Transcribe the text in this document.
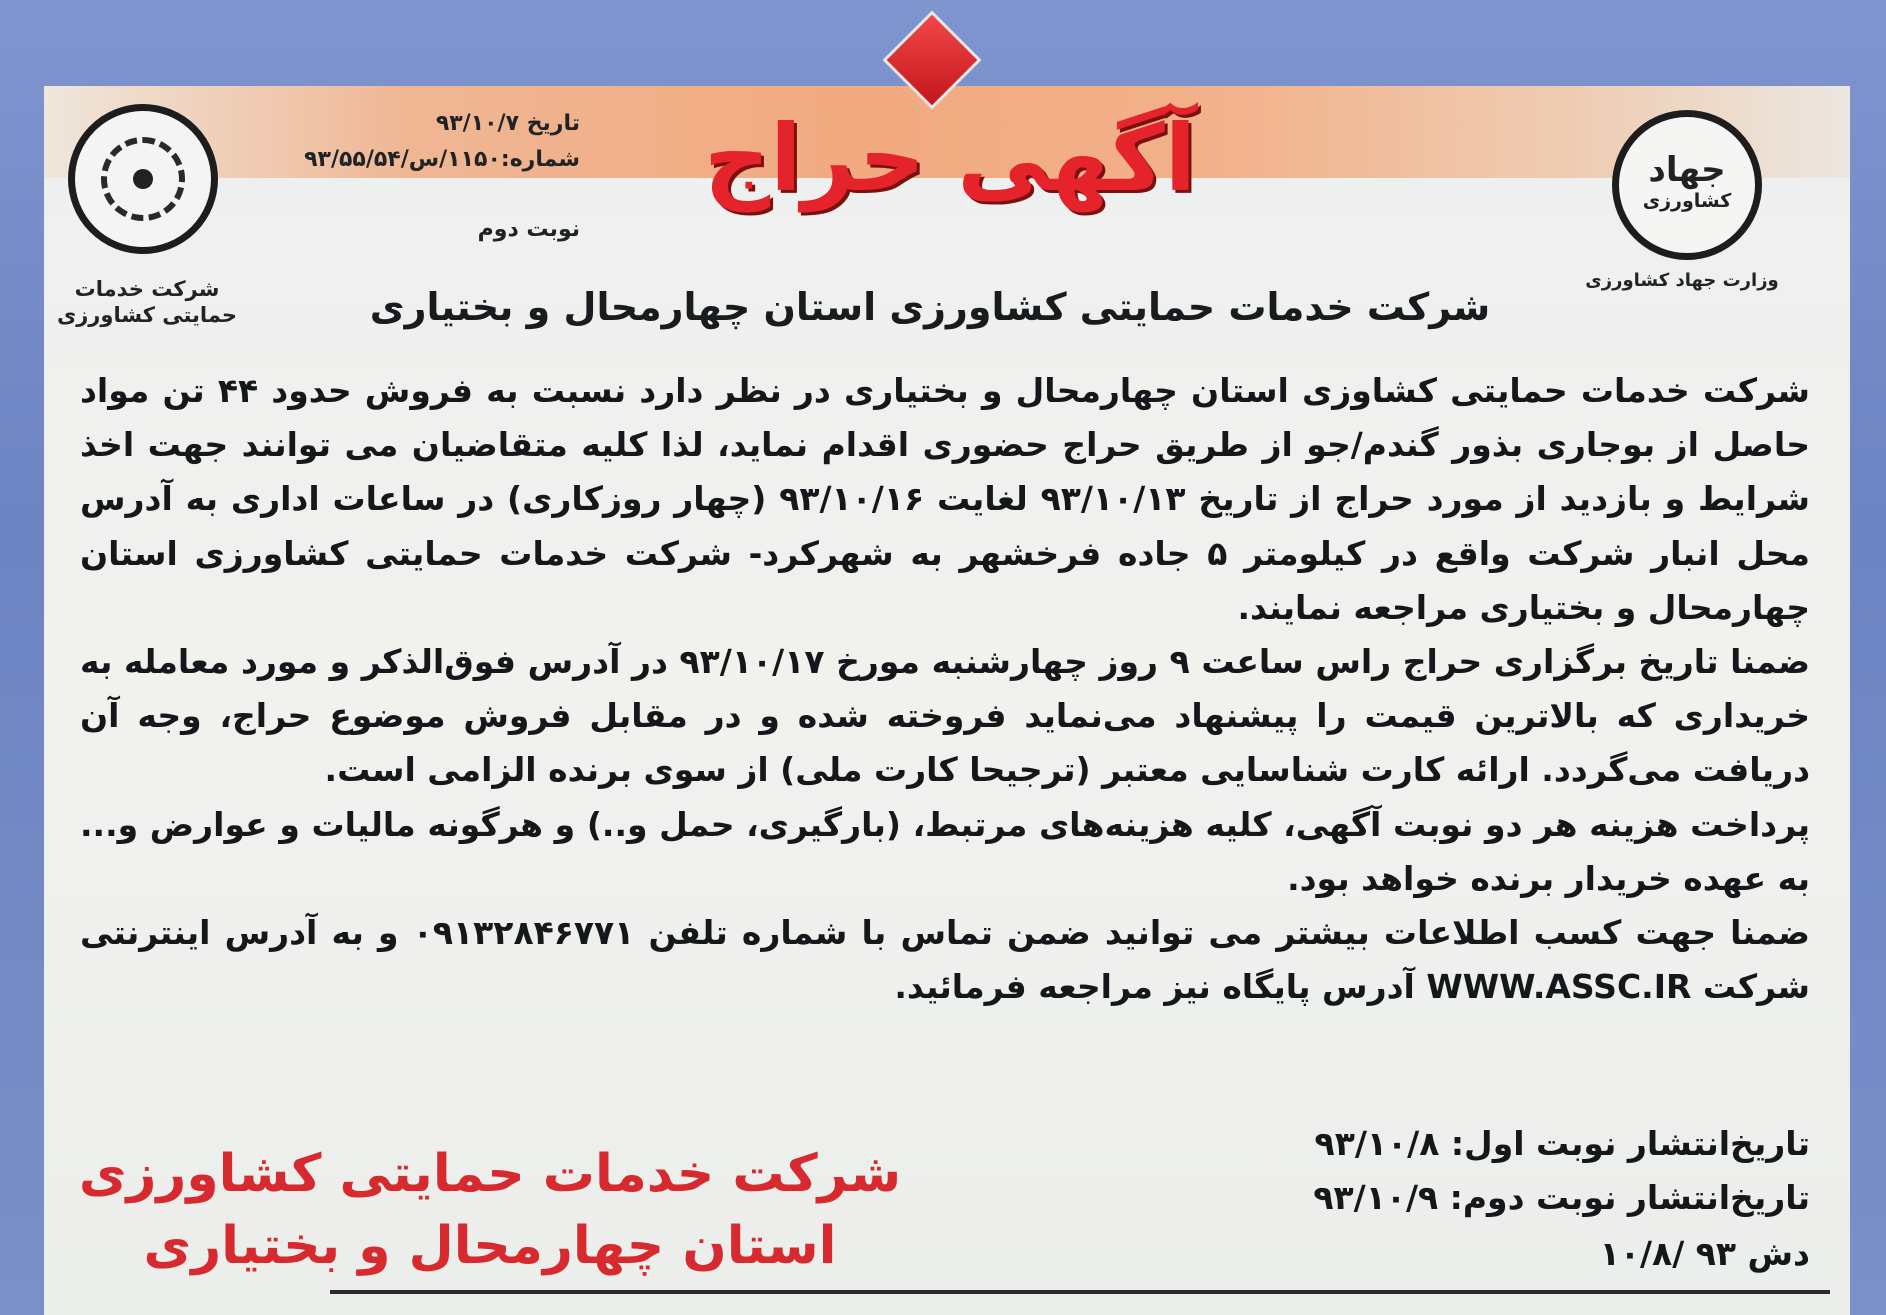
شرکت خدمات
حمایتی کشاورزی
جهاد
کشاورزی
وزارت جهاد کشاورزی
آگهی حراج
تاریخ ۹۳/۱۰/۷
شماره:۱۱۵۰/س/۹۳/۵۵/۵۴
نوبت دوم
شرکت خدمات حمایتی کشاورزی استان چهارمحال و بختیاری

شرکت خدمات حمایتی کشاوزی استان چهارمحال و بختیاری در نظر دارد نسبت به فروش حدود ۴۴ تن مواد حاصل از بوجاری بذور گندم/جو از طریق حراج حضوری اقدام نماید، لذا کلیه متقاضیان می توانند جهت اخذ شرایط و بازدید از مورد حراج از تاریخ ۹۳/۱۰/۱۳ لغایت ۹۳/۱۰/۱۶ (چهار روزکاری) در ساعات اداری به آدرس محل انبار شرکت واقع در کیلومتر ۵ جاده فرخشهر به شهرکرد- شرکت خدمات حمایتی کشاورزی استان چهارمحال و بختیاری مراجعه نمایند.

ضمنا تاریخ برگزاری حراج راس ساعت ۹ روز چهارشنبه مورخ ۹۳/۱۰/۱۷ در آدرس فوق‌الذکر و مورد معامله به خریداری که بالاترین قیمت را پیشنهاد می‌نماید فروخته شده و در مقابل فروش موضوع حراج، وجه آن دریافت می‌گردد. ارائه کارت شناسایی معتبر (ترجیحا کارت ملی) از سوی برنده الزامی است.

پرداخت هزینه هر دو نوبت آگهی، کلیه هزینه‌های مرتبط، (بارگیری، حمل و..) و هرگونه مالیات و عوارض و... به عهده خریدار برنده خواهد بود.

ضمنا جهت کسب اطلاعات بیشتر می توانید ضمن تماس با شماره تلفن ۰۹۱۳۲۸۴۶۷۷۱ و به آدرس اینترنتی شرکت WWW.ASSC.IR آدرس پایگاه نیز مراجعه فرمائید.

تاریخ‌انتشار نوبت اول: ۹۳/۱۰/۸
تاریخ‌انتشار نوبت دوم: ۹۳/۱۰/۹
دش ۹۳ /۱۰/۸
شرکت خدمات حمایتی کشاورزی
استان چهارمحال و بختیاری
